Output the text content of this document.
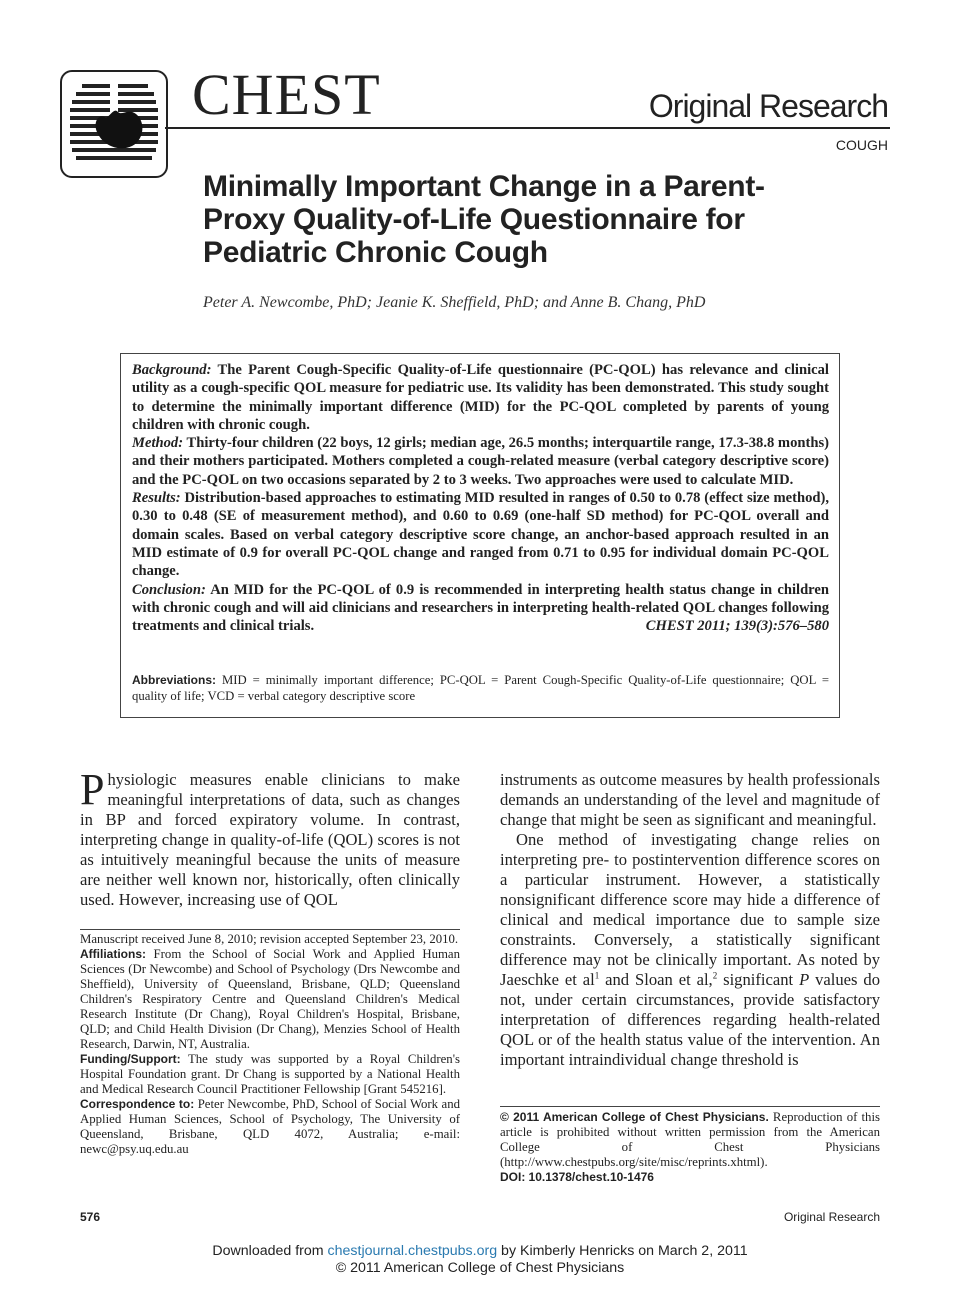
CHEST	Original Research
COUGH
Minimally Important Change in a Parent-Proxy Quality-of-Life Questionnaire for Pediatric Chronic Cough
Peter A. Newcombe, PhD; Jeanie K. Sheffield, PhD; and Anne B. Chang, PhD

Background: The Parent Cough-Specific Quality-of-Life questionnaire (PC-QOL) has relevance and clinical utility as a cough-specific QOL measure for pediatric use. Its validity has been demonstrated. This study sought to determine the minimally important difference (MID) for the PC-QOL completed by parents of young children with chronic cough.

Method: Thirty-four children (22 boys, 12 girls; median age, 26.5 months; interquartile range, 17.3-38.8 months) and their mothers participated. Mothers completed a cough-related measure (verbal category descriptive score) and the PC-QOL on two occasions separated by 2 to 3 weeks. Two approaches were used to calculate MID.

Results: Distribution-based approaches to estimating MID resulted in ranges of 0.50 to 0.78 (effect size method), 0.30 to 0.48 (SE of measurement method), and 0.60 to 0.69 (one-half SD method) for PC-QOL overall and domain scales. Based on verbal category descriptive score change, an anchor-based approach resulted in an MID estimate of 0.9 for overall PC-QOL change and ranged from 0.71 to 0.95 for individual domain PC-QOL change.

Conclusion: An MID for the PC-QOL of 0.9 is recommended in interpreting health status change in children with chronic cough and will aid clinicians and researchers in interpreting health-related QOL changes following treatments and clinical trials.	CHEST 2011; 139(3):576–580

Abbreviations: MID = minimally important difference; PC-QOL = Parent Cough-Specific Quality-of-Life questionnaire; QOL = quality of life; VCD = verbal category descriptive score

Physiologic measures enable clinicians to make meaningful interpretations of data, such as changes in BP and forced expiratory volume. In contrast, interpreting change in quality-of-life (QOL) scores is not as intuitively meaningful because the units of measure are neither well known nor, historically, often clinically used. However, increasing use of QOL

instruments as outcome measures by health professionals demands an understanding of the level and magnitude of change that might be seen as significant and meaningful.

One method of investigating change relies on interpreting pre- to postintervention difference scores on a particular instrument. However, a statistically nonsignificant difference score may hide a difference of clinical and medical importance due to sample size constraints. Conversely, a statistically significant difference may not be clinically important. As noted by Jaeschke et $al^1$ and Sloan et al,$^2$ significant P values do not, under certain circumstances, provide satisfactory interpretation of differences regarding health-related QOL or of the health status value of the intervention. An important intraindividual change threshold is

Manuscript received June 8, 2010; revision accepted September 23, 2010.

Affiliations: From the School of Social Work and Applied Human Sciences (Dr Newcombe) and School of Psychology (Drs Newcombe and Sheffield), University of Queensland, Brisbane, QLD; Queensland Children's Respiratory Centre and Queensland Children's Medical Research Institute (Dr Chang), Royal Children's Hospital, Brisbane, QLD; and Child Health Division (Dr Chang), Menzies School of Health Research, Darwin, NT, Australia.

Funding/Support: The study was supported by a Royal Children's Hospital Foundation grant. Dr Chang is supported by a National Health and Medical Research Council Practitioner Fellowship [Grant 545216].

Correspondence to: Peter Newcombe, PhD, School of Social Work and Applied Human Sciences, School of Psychology, The University of Queensland, Brisbane, QLD 4072, Australia; e-mail: newc@psy.uq.edu.au

© 2011 American College of Chest Physicians. Reproduction of this article is prohibited without written permission from the American College of Chest Physicians (http://www.chestpubs.org/site/misc/reprints.xhtml).

DOI: 10.1378/chest.10-1476

576	Original Research
Downloaded from chestjournal.chestpubs.org by Kimberly Henricks on March 2, 2011
© 2011 American College of Chest Physicians
